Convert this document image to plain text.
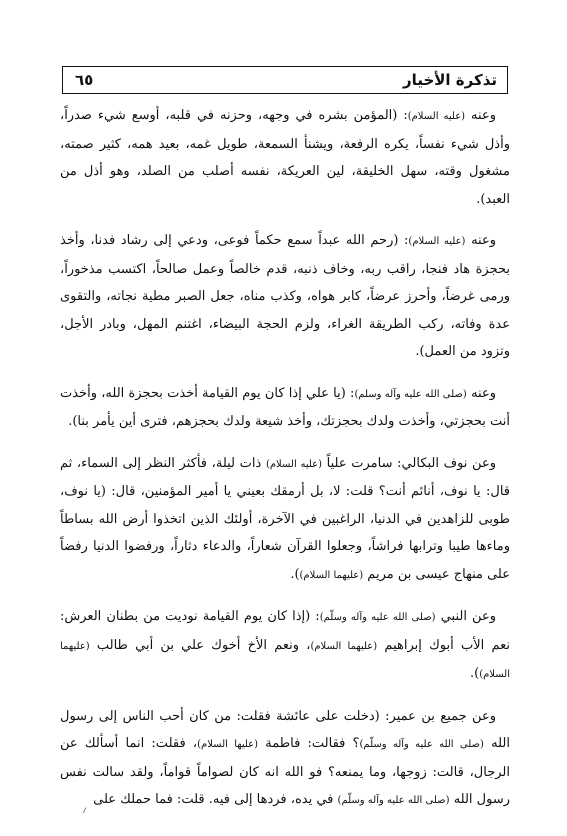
تذكرة الأخيار
٦٥

وعنه (عليه السلام): (المؤمن بشره في وجهه، وحزنه في قلبه، أوسع شيء صدراً، وأذل شيء نفساً، يكره الرفعة، ويشنأ السمعة، طويل غمه، بعيد همه، كثير صمته، مشغول وقته، سهل الخليقة، لين العريكة، نفسه أصلب من الصلد، وهو أذل من العبد).

وعنه (عليه السلام): (رحم الله عبداً سمع حكماً فوعى، ودعي إلى رشاد فدنا، وأخذ بحجزة هاد فنجا، راقب ربه، وخاف ذنبه، قدم خالصاً وعمل صالحاً، اكتسب مذخوراً، ورمى غرضاً، وأحرز عرضاً، كابر هواه، وكذب مناه، جعل الصبر مطية نجاته، والتقوى عدة وفاته، ركب الطريقة الغراء، ولزم الحجة البيضاء، اغتنم المهل، وبادر الأجل، وتزود من العمل).

وعنه (صلى الله عليه وآله وسلم): (يا علي إذا كان يوم القيامة أخذت بحجزة الله، وأخذت أنت بحجزتي، وأخذت ولدك بحجزتك، وأخذ شيعة ولدك بحجزهم، فترى أين يأمر بنا).

وعن نوف البكالي: سامرت علياً (عليه السلام) ذات ليلة، فأكثر النظر إلى السماء، ثم قال: يا نوف، أنائم أنت؟ قلت: لا، بل أرمقك بعيني يا أمير المؤمنين، قال: (يا نوف، طوبى للزاهدين في الدنيا، الراغبين في الآخرة، أولئك الذين اتخذوا أرض الله بساطاً وماءها طيبا وترابها فراشاً، وجعلوا القرآن شعاراً، والدعاء دثاراً، ورفضوا الدنيا رفضاً على منهاج عيسى بن مريم (عليهما السلام)).

وعن النبي (صلى الله عليه وآله وسلّم): (إذا كان يوم القيامة نوديت من بطنان العرش: نعم الأب أبوك إبراهيم (عليهما السلام)، ونعم الأخ أخوك علي بن أبي طالب (عليهما السلام)).

وعن جميع بن عمير: (دخلت على عائشة فقلت: من كان أحب الناس إلى رسول الله (صلى الله عليه وآله وسلّم)؟ فقالت: فاطمة (عليها السلام)، فقلت: انما أسألك عن الرجال، قالت: زوجها، وما يمنعه؟ فو الله انه كان لصواماً قواماً، ولقد سالت نفس رسول الله (صلى الله عليه وآله وسلّم) في يده، فردها إلى فيه. قلت: فما حملك على
